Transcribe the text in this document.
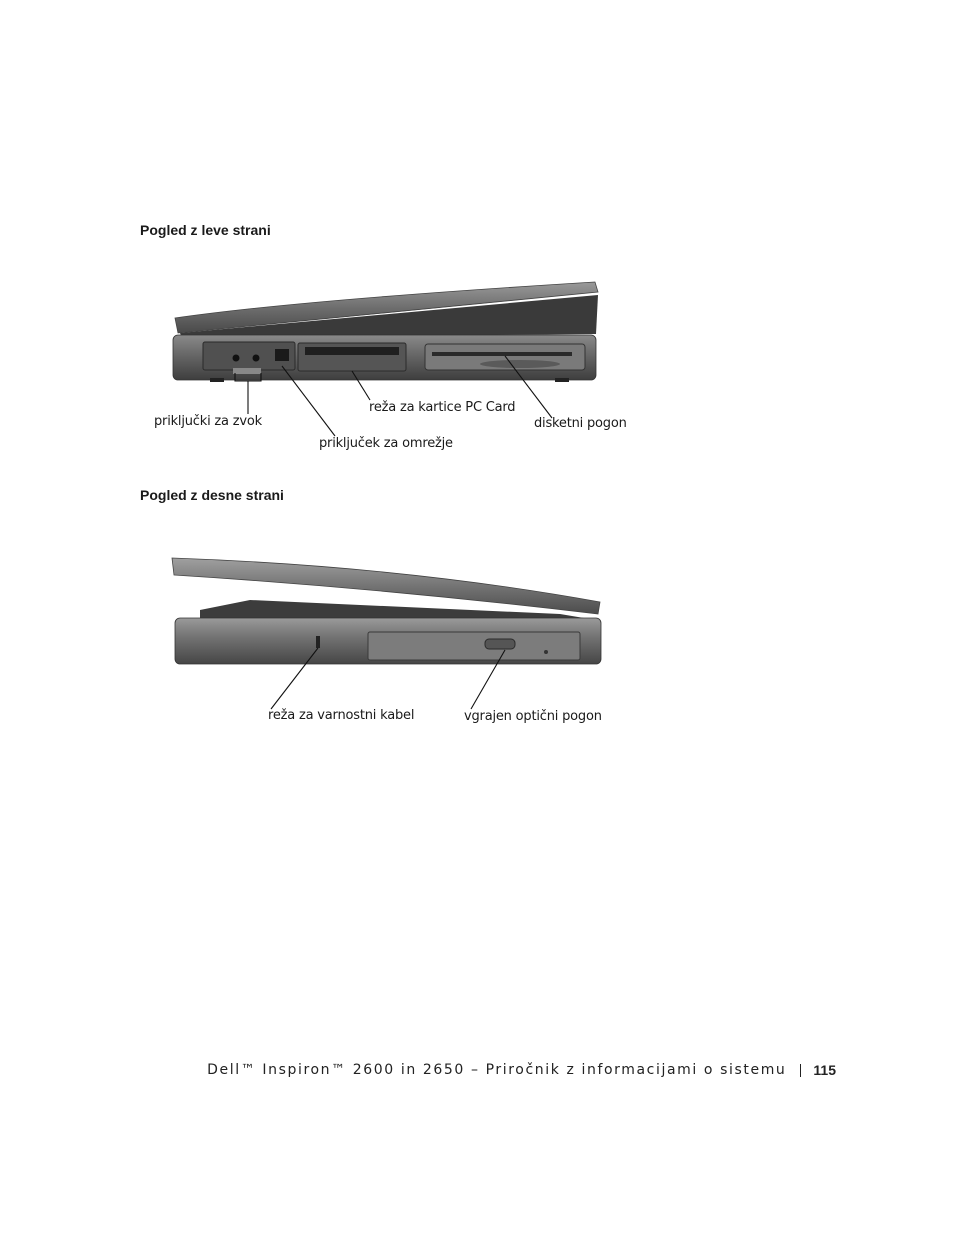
Pogled z leve strani
priključki za zvok
priključek za omrežje
reža za kartice PC Card
disketni pogon
Pogled z desne strani
reža za varnostni kabel	vgrajen optični pogon
Dell™ Inspiron™ 2600 in 2650 – Priročnik z informacijami o sistemu 115
